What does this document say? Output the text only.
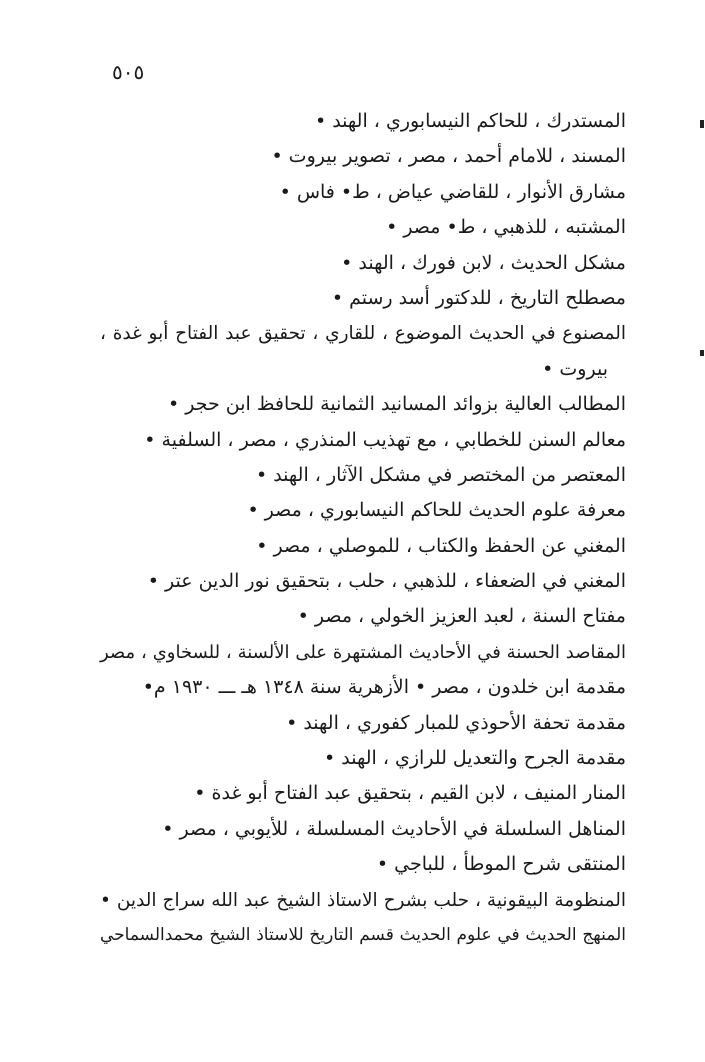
٥٠٥
المستدرك ، للحاكم النيسابوري ، الهند •
المسند ، للامام أحمد ، مصر ، تصوير بيروت •
مشارق الأنوار ، للقاضي عياض ، ط• فاس •
المشتبه ، للذهبي ، ط• مصر •
مشكل الحديث ، لابن فورك ، الهند •
مصطلح التاريخ ، للدكتور أسد رستم •
المصنوع في الحديث الموضوع ، للقاري ، تحقيق عبد الفتاح أبو غدة ،
بيروت •
المطالب العالية بزوائد المسانيد الثمانية للحافظ ابن حجر •
معالم السنن للخطابي ، مع تهذيب المنذري ، مصر ، السلفية •
المعتصر من المختصر في مشكل الآثار ، الهند •
معرفة علوم الحديث للحاكم النيسابوري ، مصر •
المغني عن الحفظ والكتاب ، للموصلي ، مصر •
المغني في الضعفاء ، للذهبي ، حلب ، بتحقيق نور الدين عتر •
مفتاح السنة ، لعبد العزيز الخولي ، مصر •
المقاصد الحسنة في الأحاديث المشتهرة على الألسنة ، للسخاوي ، مصر
مقدمة ابن خلدون ، مصر • الأزهرية سنة ١٣٤٨ هـ ـــ ١٩٣٠ م•
مقدمة تحفة الأحوذي للمبار كفوري ، الهند •
مقدمة الجرح والتعديل للرازي ، الهند •
المنار المنيف ، لابن القيم ، بتحقيق عبد الفتاح أبو غدة •
المناهل السلسلة في الأحاديث المسلسلة ، للأيوبي ، مصر •
المنتقى شرح الموطأ ، للباجي •
المنظومة البيقونية ، حلب بشرح الاستاذ الشيخ عبد الله سراج الدين •
المنهج الحديث في علوم الحديث قسم التاريخ للاستاذ الشيخ محمدالسماحي
